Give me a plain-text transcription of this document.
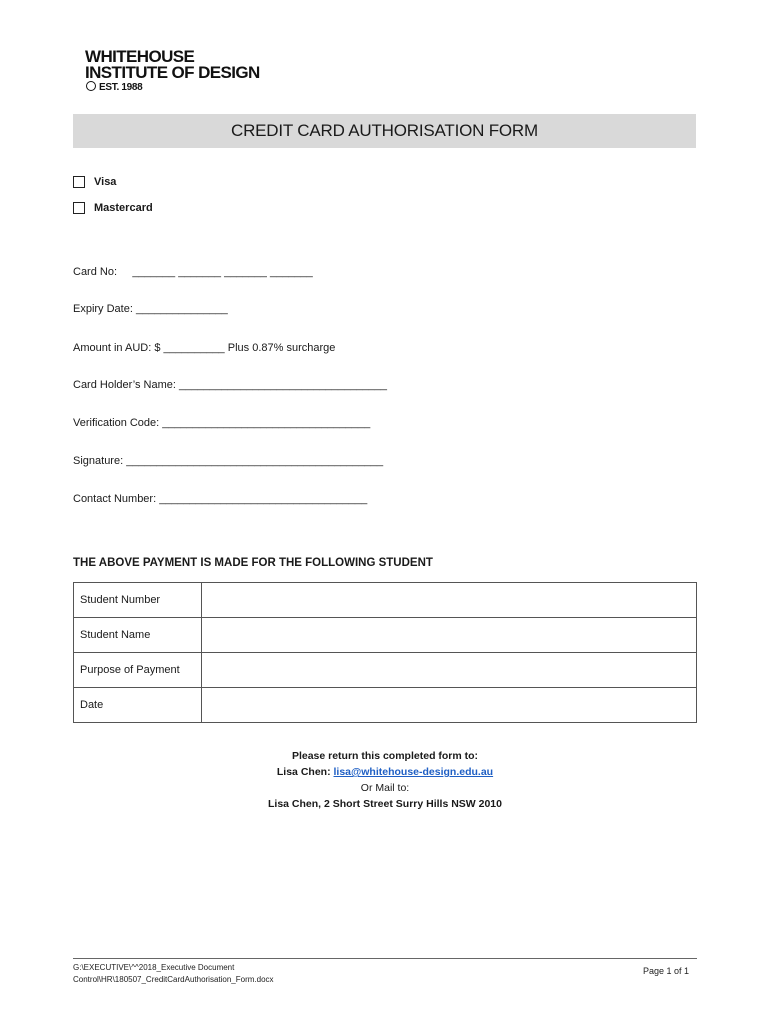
WHITEHOUSE
INSTITUTE OF DESIGN
EST. 1988
CREDIT CARD AUTHORISATION FORM
Visa
Mastercard
Card No: _______ _______ _______ _______
Expiry Date: _______________
Amount in AUD: $ __________ Plus 0.87% surcharge
Card Holder’s Name: __________________________________
Verification Code: __________________________________
Signature: __________________________________________
Contact Number: __________________________________
THE ABOVE PAYMENT IS MADE FOR THE FOLLOWING STUDENT
Student Number	
Student Name	
Purpose of Payment	
Date	
Please return this completed form to:
Lisa Chen: lisa@whitehouse-design.edu.au
Or Mail to:
Lisa Chen, 2 Short Street Surry Hills NSW 2010
G:\EXECUTIVE\^^2018_Executive Document
Control\HR\180507_CreditCardAuthorisation_Form.docx
Page 1 of 1
